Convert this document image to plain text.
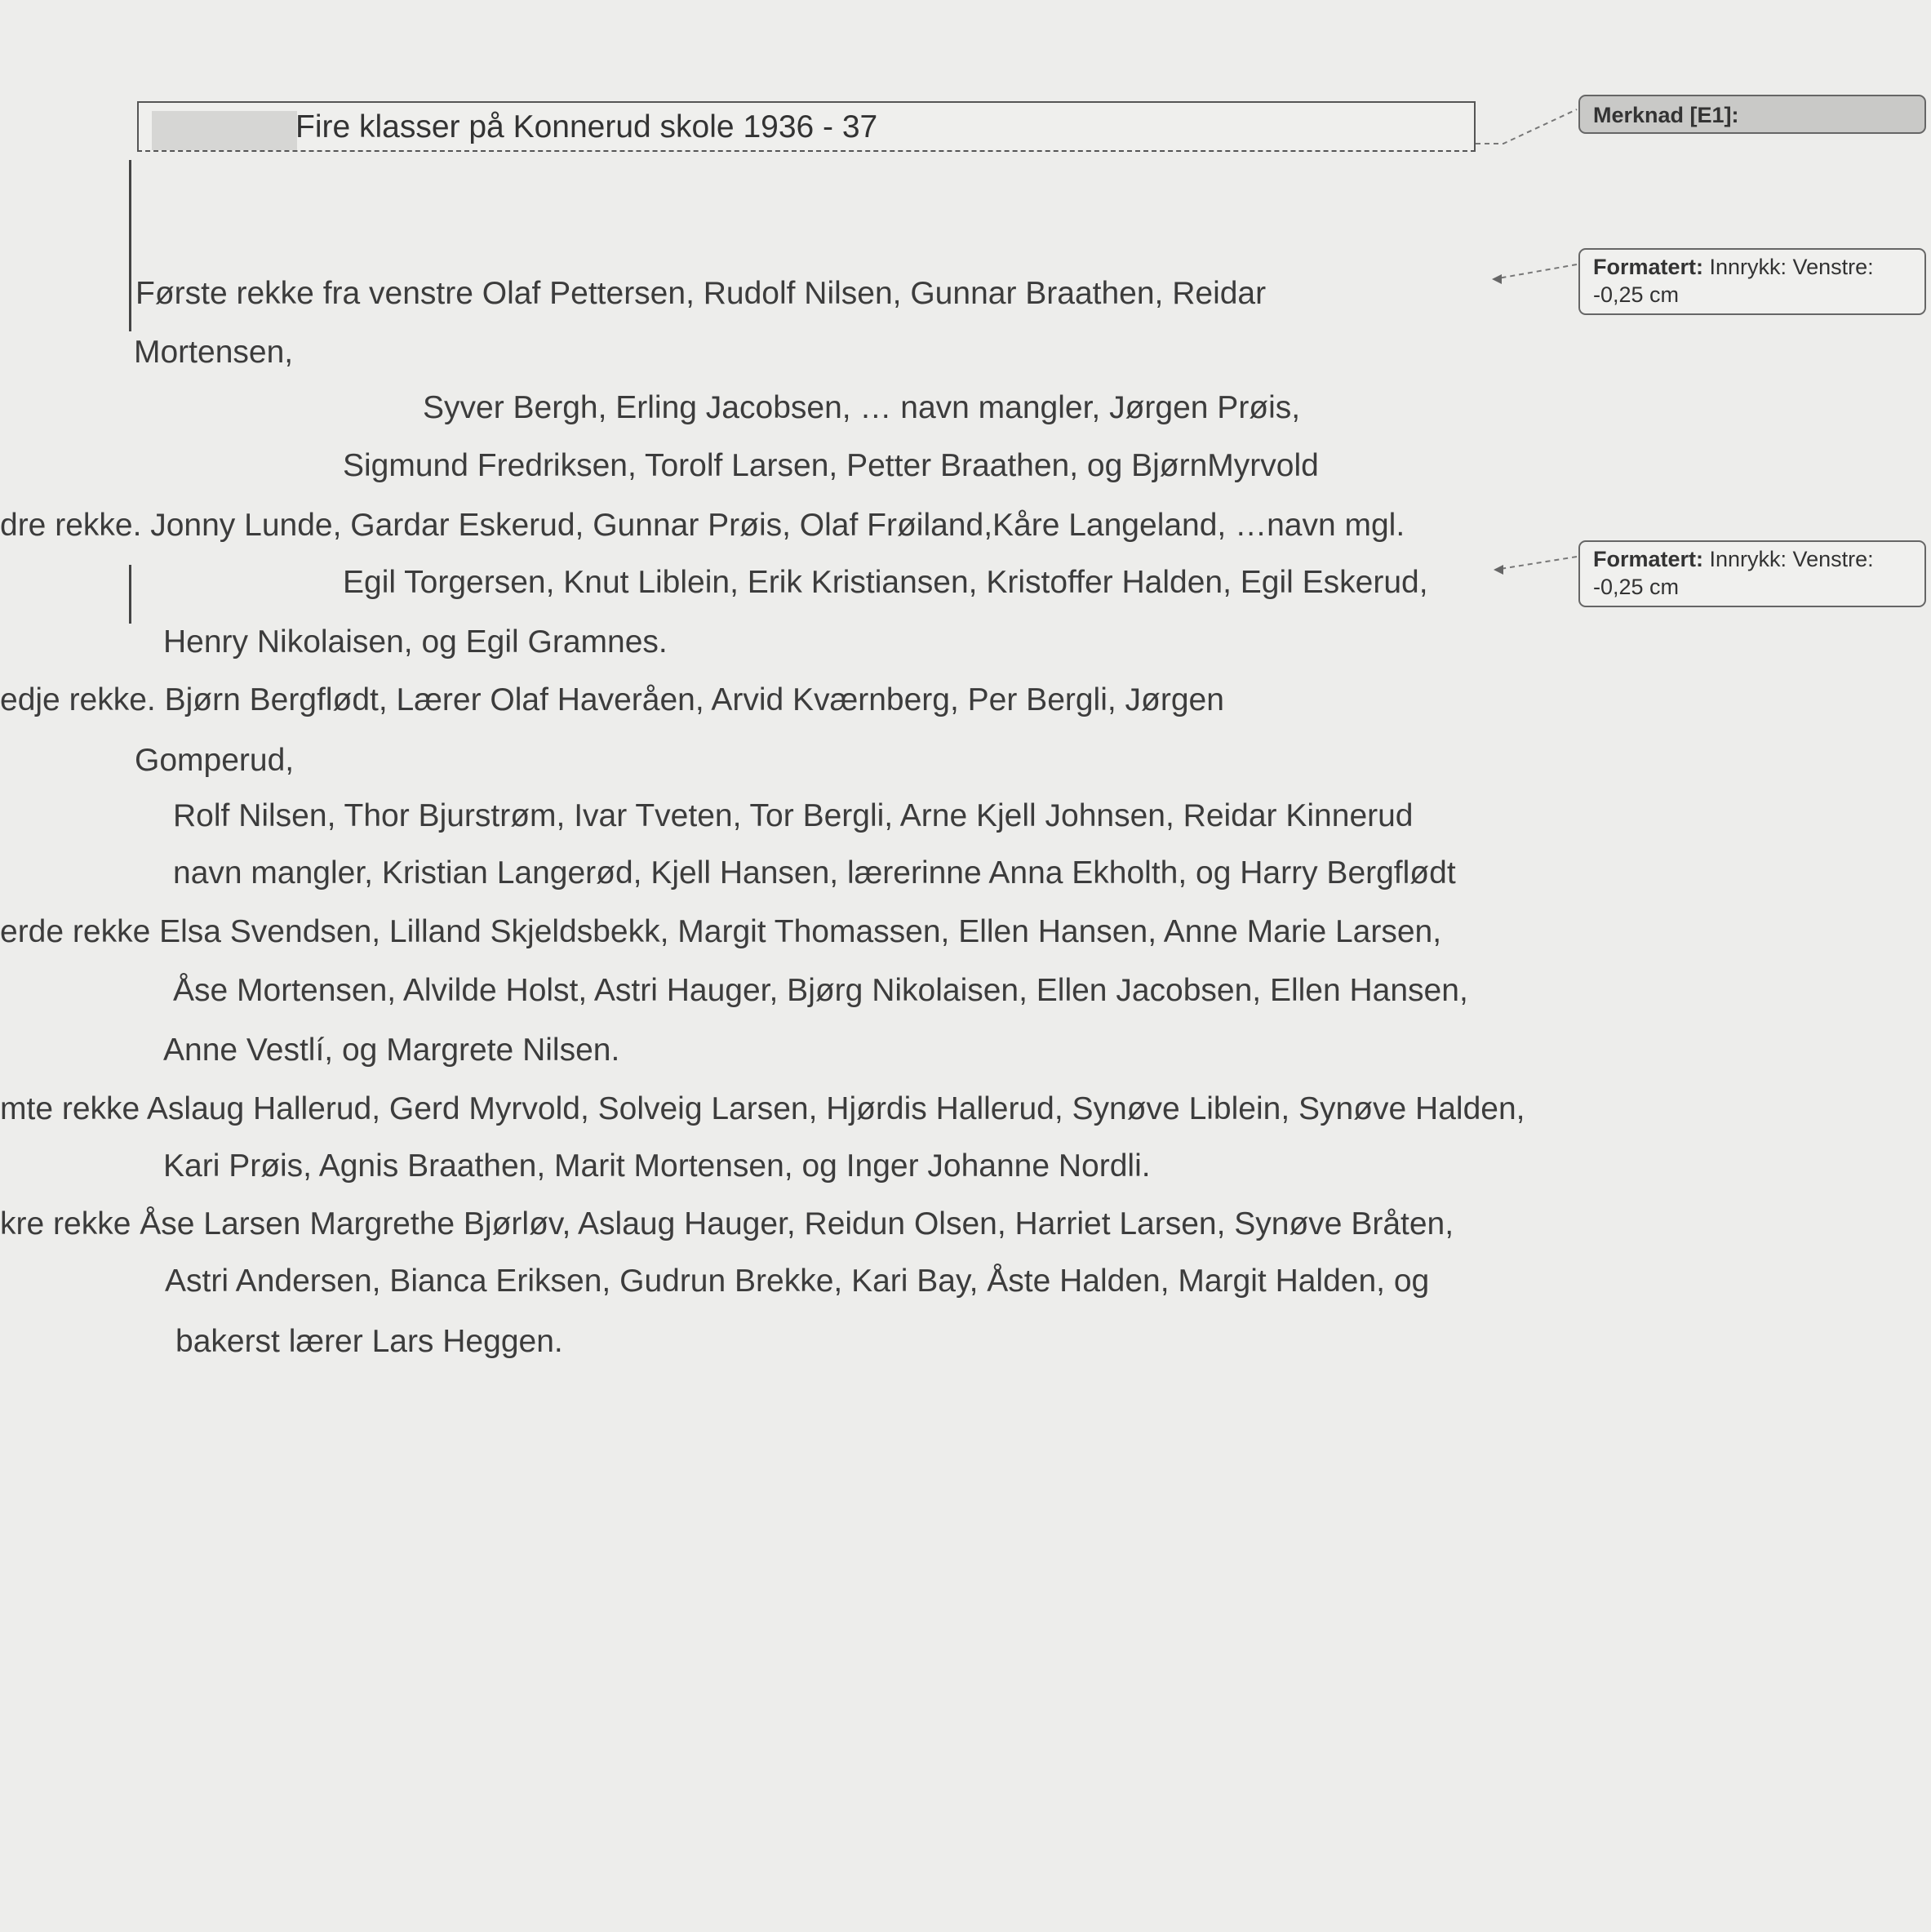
Fire klasser på Konnerud skole 1936 - 37
Første rekke fra venstre Olaf Pettersen, Rudolf Nilsen, Gunnar Braathen, Reidar
Mortensen,
Syver Bergh, Erling Jacobsen, … navn mangler, Jørgen Prøis,
Sigmund Fredriksen, Torolf Larsen, Petter Braathen, og BjørnMyrvold
dre rekke. Jonny Lunde, Gardar Eskerud, Gunnar Prøis, Olaf Frøiland,Kåre Langeland, …navn mgl.
Egil Torgersen, Knut Liblein, Erik Kristiansen, Kristoffer Halden, Egil Eskerud,
Henry Nikolaisen, og Egil Gramnes.
edje rekke. Bjørn Bergflødt, Lærer Olaf Haveråen, Arvid Kværnberg, Per Bergli, Jørgen
Gomperud,
Rolf Nilsen, Thor Bjurstrøm, Ivar Tveten, Tor Bergli, Arne Kjell Johnsen, Reidar Kinnerud
navn mangler, Kristian Langerød, Kjell Hansen, lærerinne Anna Ekholth, og Harry Bergflødt
erde rekke Elsa Svendsen, Lilland Skjeldsbekk, Margit Thomassen, Ellen Hansen, Anne Marie Larsen,
Åse Mortensen, Alvilde Holst, Astri Hauger, Bjørg Nikolaisen, Ellen Jacobsen, Ellen Hansen,
Anne Vestlí, og Margrete Nilsen.
mte rekke Aslaug Hallerud, Gerd Myrvold, Solveig Larsen, Hjørdis Hallerud, Synøve Liblein, Synøve Halden,
Kari Prøis, Agnis Braathen, Marit Mortensen, og Inger Johanne Nordli.
kre rekke Åse Larsen Margrethe Bjørløv, Aslaug Hauger, Reidun Olsen, Harriet Larsen, Synøve Bråten,
Astri Andersen, Bianca Eriksen, Gudrun Brekke, Kari Bay, Åste Halden, Margit Halden, og
bakerst lærer Lars Heggen.
Merknad [E1]:
Formatert: Innrykk: Venstre: -0,25 cm
Formatert: Innrykk: Venstre: -0,25 cm
